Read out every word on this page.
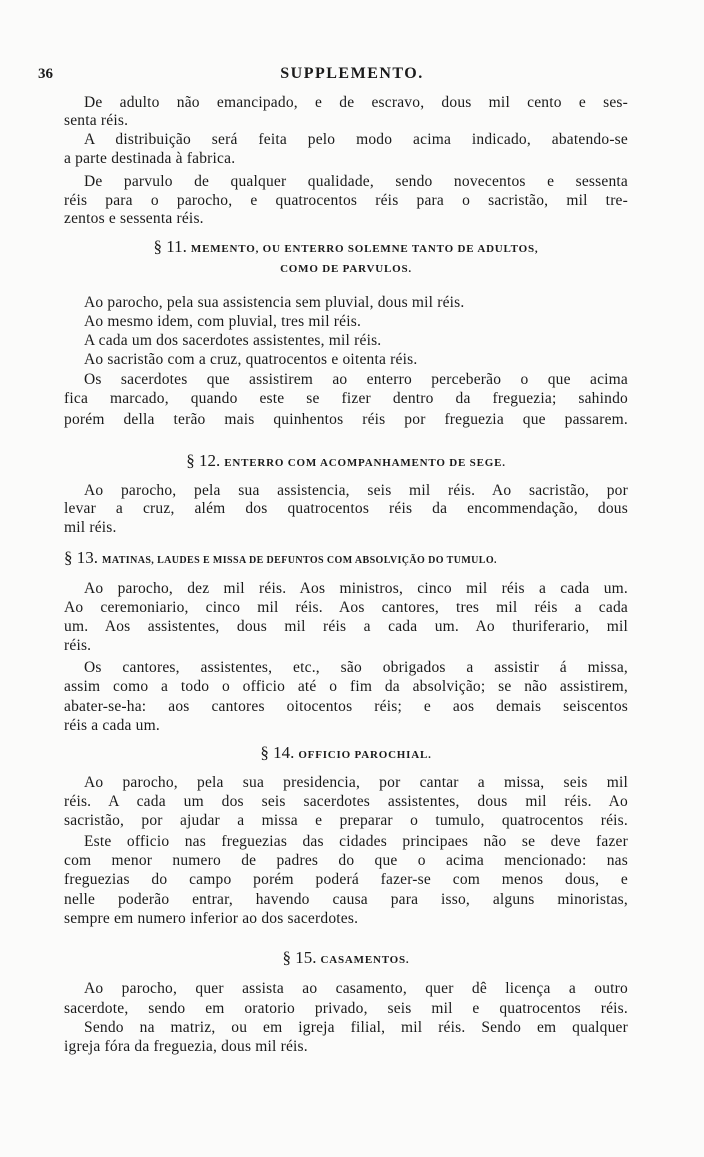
36	SUPPLEMENTO.
De adulto não emancipado, e de escravo, dous mil cento e ses-
senta réis.
A distribuição será feita pelo modo acima indicado, abatendo-se
a parte destinada à fabrica.
De parvulo de qualquer qualidade, sendo novecentos e sessenta
réis para o parocho, e quatrocentos réis para o sacristão, mil tre-
zentos e sessenta réis.
§ 11. MEMENTO, OU ENTERRO SOLEMNE TANTO DE ADULTOS,
COMO DE PARVULOS.
Ao parocho, pela sua assistencia sem pluvial, dous mil réis.
Ao mesmo idem, com pluvial, tres mil réis.
A cada um dos sacerdotes assistentes, mil réis.
Ao sacristão com a cruz, quatrocentos e oitenta réis.
Os sacerdotes que assistirem ao enterro perceberão o que acima
fica marcado, quando este se fizer dentro da freguezia; sahindo
porém della terão mais quinhentos réis por freguezia que passarem.
§ 12. ENTERRO COM ACOMPANHAMENTO DE SEGE.
Ao parocho, pela sua assistencia, seis mil réis. Ao sacristão, por
levar a cruz, além dos quatrocentos réis da encommendação, dous
mil réis.
§ 13. MATINAS, LAUDES E MISSA DE DEFUNTOS COM ABSOLVIÇÃO DO TUMULO.
Ao parocho, dez mil réis. Aos ministros, cinco mil réis a cada um.
Ao ceremoniario, cinco mil réis. Aos cantores, tres mil réis a cada
um. Aos assistentes, dous mil réis a cada um. Ao thuriferario, mil
réis.
Os cantores, assistentes, etc., são obrigados a assistir á missa,
assim como a todo o officio até o fim da absolvição; se não assistirem,
abater-se-ha: aos cantores oitocentos réis; e aos demais seiscentos
réis a cada um.
§ 14. OFFICIO PAROCHIAL.
Ao parocho, pela sua presidencia, por cantar a missa, seis mil
réis. A cada um dos seis sacerdotes assistentes, dous mil réis. Ao
sacristão, por ajudar a missa e preparar o tumulo, quatrocentos réis.
Este officio nas freguezias das cidades principaes não se deve fazer
com menor numero de padres do que o acima mencionado: nas
freguezias do campo porém poderá fazer-se com menos dous, e
nelle poderão entrar, havendo causa para isso, alguns minoristas,
sempre em numero inferior ao dos sacerdotes.
§ 15. CASAMENTOS.
Ao parocho, quer assista ao casamento, quer dê licença a outro
sacerdote, sendo em oratorio privado, seis mil e quatrocentos réis.
Sendo na matriz, ou em igreja filial, mil réis. Sendo em qualquer
igreja fóra da freguezia, dous mil réis.
